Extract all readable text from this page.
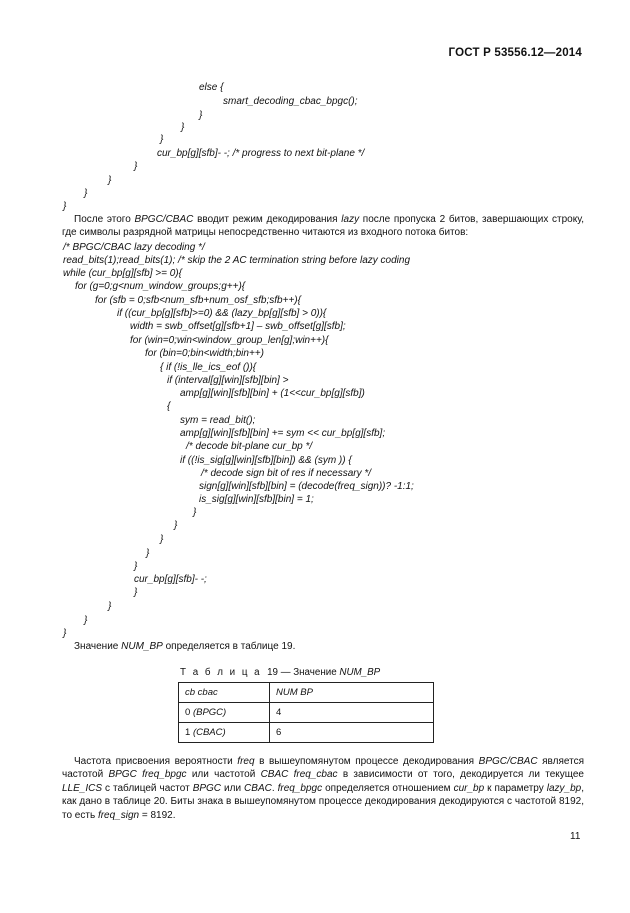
ГОСТ Р 53556.12—2014
else {
smart_decoding_cbac_bpgc();
}
}
}
cur_bp[g][sfb]- -; /* progress to next bit-plane */
}
}
}
}
После этого BPGC/CBAC вводит режим декодирования lazy после пропуска 2 битов, завершающих строку, где символы разрядной матрицы непосредственно читаются из входного потока битов:
/* BPGC/CBAC lazy decoding */
read_bits(1);read_bits(1); /* skip the 2 AC termination string before lazy coding
while (cur_bp[g][sfb] >= 0){
for (g=0;g<num_window_groups;g++){
for (sfb = 0;sfb<num_sfb+num_osf_sfb;sfb++){
if ((cur_bp[g][sfb]>=0) && (lazy_bp[g][sfb] > 0)){
width = swb_offset[g][sfb+1] – swb_offset[g][sfb];
for (win=0;win<window_group_len[g];win++){
for (bin=0;bin<width;bin++)
{ if (!is_lle_ics_eof ()){
if (interval[g][win][sfb][bin] >
amp[g][win][sfb][bin] + (1<<cur_bp[g][sfb])
{
sym = read_bit();
amp[g][win][sfb][bin] += sym << cur_bp[g][sfb];
/* decode bit-plane cur_bp */
if ((!is_sig[g][win][sfb][bin]) && (sym )) {
/* decode sign bit of res if necessary */
sign[g][win][sfb][bin] = (decode(freq_sign))? -1:1;
is_sig[g][win][sfb][bin] = 1;
}
}
}
}
}
cur_bp[g][sfb]- -;
}
}
}
}
Значение NUM_BP определяется в таблице 19.
Т а б л и ц а  19 — Значение NUM_BP
cb cbac	NUM BP
0 (BPGC)	4
1 (CBAC)	6
Частота присвоения вероятности freq в вышеупомянутом процессе декодирования BPGC/CBAC является частотой BPGC freq_bpgc или частотой CBAC freq_cbac в зависимости от того, декодируется ли текущее LLE_ICS с таблицей частот BPGC или CBAC. freq_bpgc определяется отношением cur_bp к параметру lazy_bp, как дано в таблице 20. Биты знака в вышеупомянутом процессе декодирования декодируются с частотой 8192, то есть freq_sign = 8192.
11
